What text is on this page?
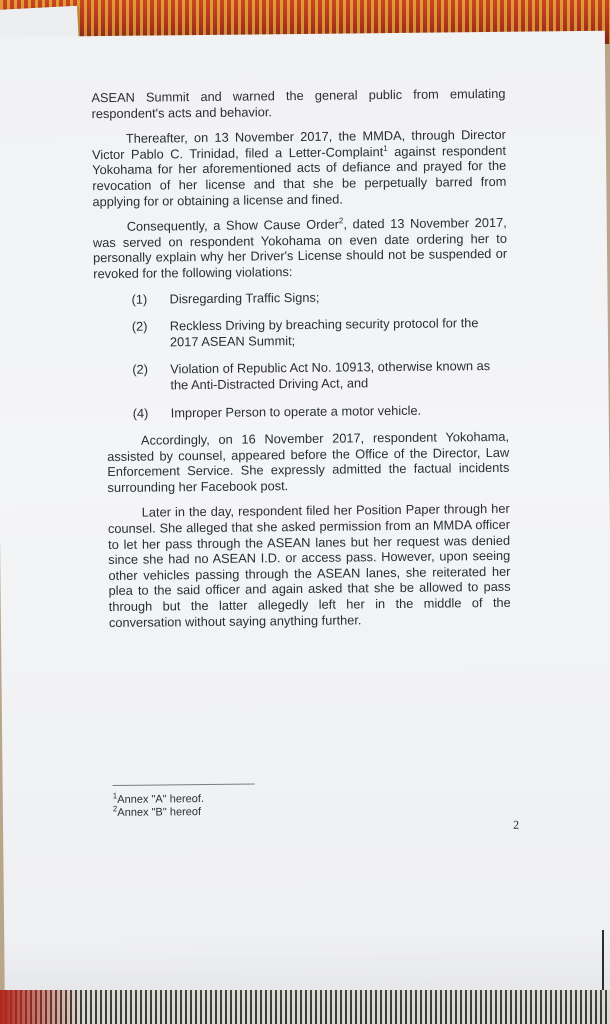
ASEAN Summit and warned the general public from emulating respondent's acts and behavior.

Thereafter, on 13 November 2017, the MMDA, through Director Victor Pablo C. Trinidad, filed a Letter-Complaint$^1$ against respondent Yokohama for her aforementioned acts of defiance and prayed for the revocation of her license and that she be perpetually barred from applying for or obtaining a license and fined.

Consequently, a Show Cause Order$^2$, dated 13 November 2017, was served on respondent Yokohama on even date ordering her to personally explain why her Driver's License should not be suspended or revoked for the following violations:

(1)	Disregarding Traffic Signs;
(2)	Reckless Driving by breaching security protocol for the 2017 ASEAN Summit;
(2)	Violation of Republic Act No. 10913, otherwise known as the Anti-Distracted Driving Act, and
(4)	Improper Person to operate a motor vehicle.

Accordingly, on 16 November 2017, respondent Yokohama, assisted by counsel, appeared before the Office of the Director, Law Enforcement Service. She expressly admitted the factual incidents surrounding her Facebook post.

Later in the day, respondent filed her Position Paper through her counsel. She alleged that she asked permission from an MMDA officer to let her pass through the ASEAN lanes but her request was denied since she had no ASEAN I.D. or access pass. However, upon seeing other vehicles passing through the ASEAN lanes, she reiterated her plea to the said officer and again asked that she be allowed to pass through but the latter allegedly left her in the middle of the conversation without saying anything further.

$^1$Annex "A" hereof.
$^2$Annex "B" hereof
2
